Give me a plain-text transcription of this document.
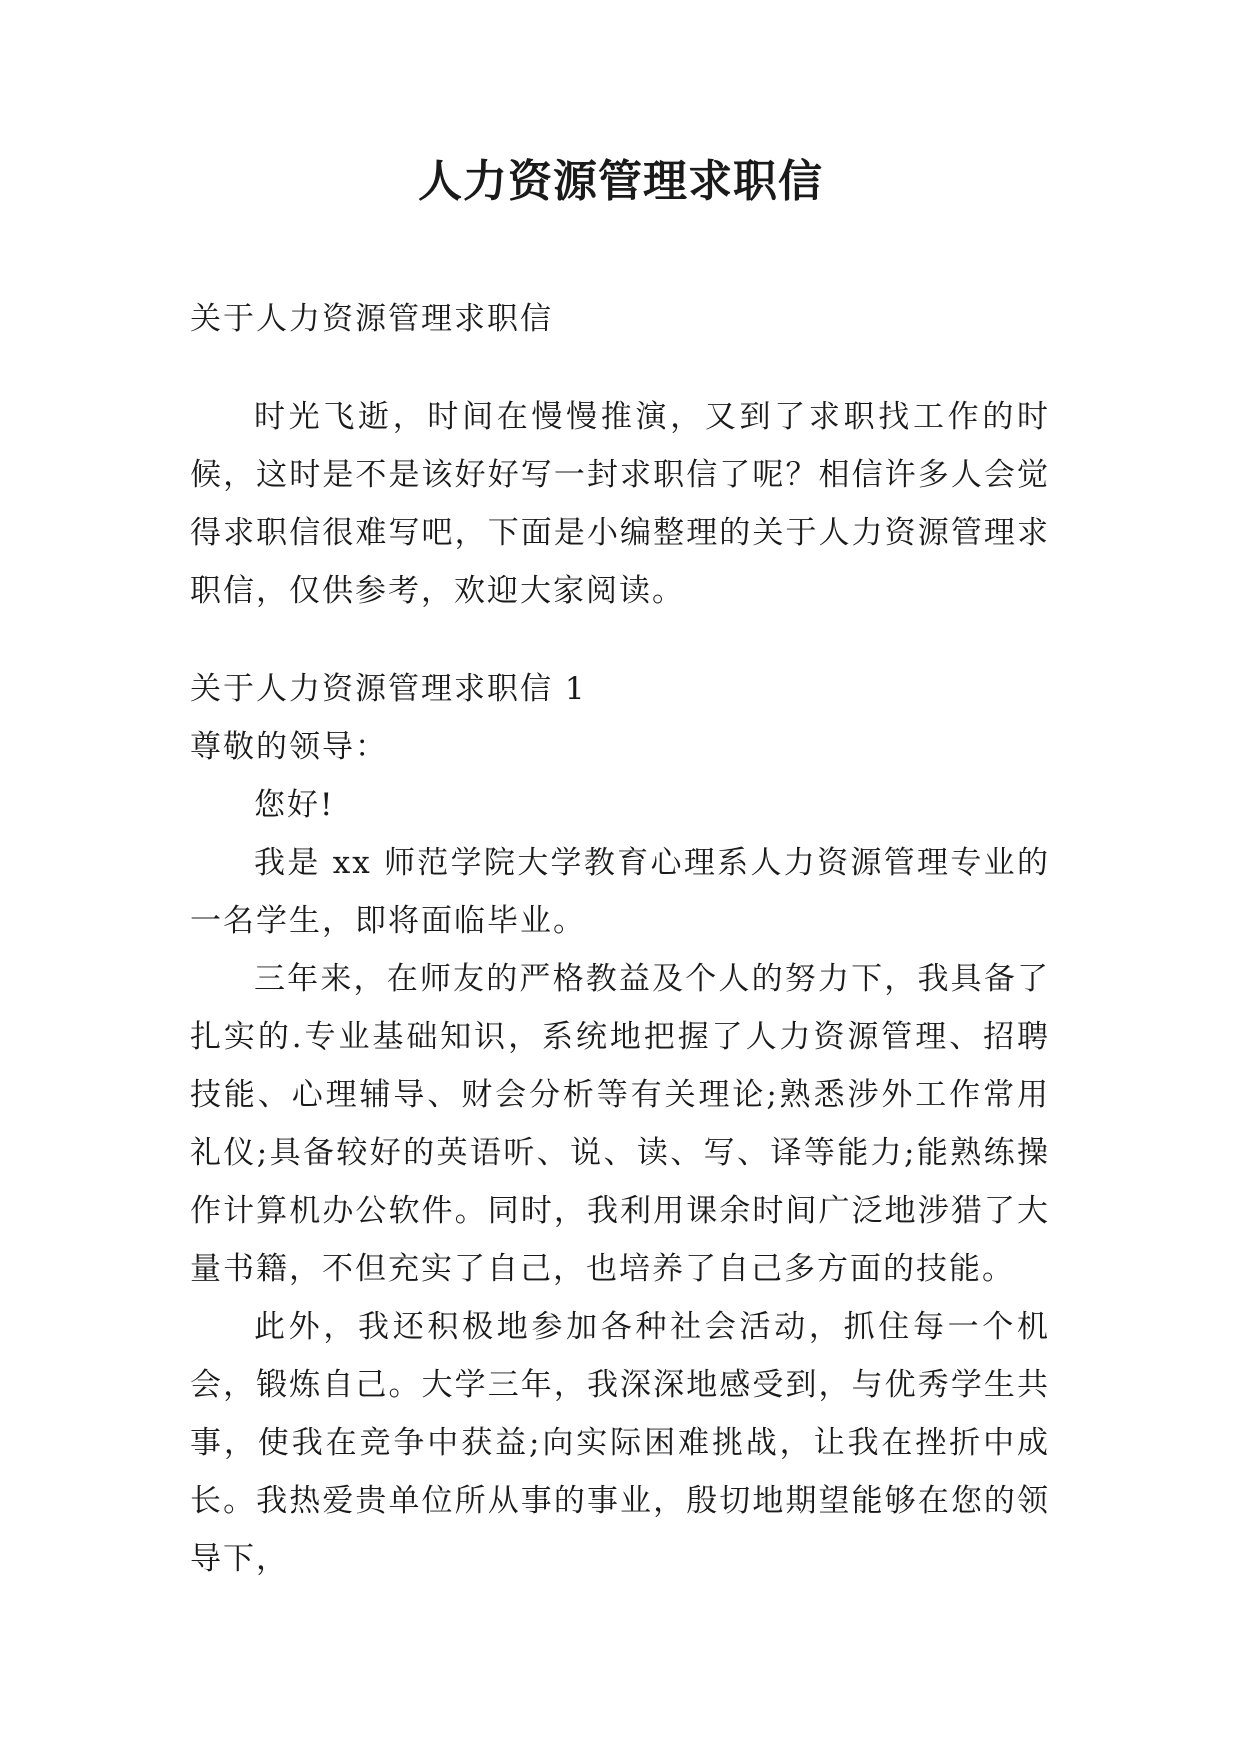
人力资源管理求职信

关于人力资源管理求职信

时光飞逝，时间在慢慢推演，又到了求职找工作的时候，这时是不是该好好写一封求职信了呢？相信许多人会觉得求职信很难写吧，下面是小编整理的关于人力资源管理求职信，仅供参考，欢迎大家阅读。

关于人力资源管理求职信 1

尊敬的领导：

您好!

我是 xx 师范学院大学教育心理系人力资源管理专业的一名学生，即将面临毕业。

三年来，在师友的严格教益及个人的努力下，我具备了扎实的.专业基础知识，系统地把握了人力资源管理、招聘技能、心理辅导、财会分析等有关理论;熟悉涉外工作常用礼仪;具备较好的英语听、说、读、写、译等能力;能熟练操作计算机办公软件。同时，我利用课余时间广泛地涉猎了大量书籍，不但充实了自己，也培养了自己多方面的技能。

此外，我还积极地参加各种社会活动，抓住每一个机会，锻炼自己。大学三年，我深深地感受到，与优秀学生共事，使我在竞争中获益;向实际困难挑战，让我在挫折中成长。我热爱贵单位所从事的事业，殷切地期望能够在您的领导下，
